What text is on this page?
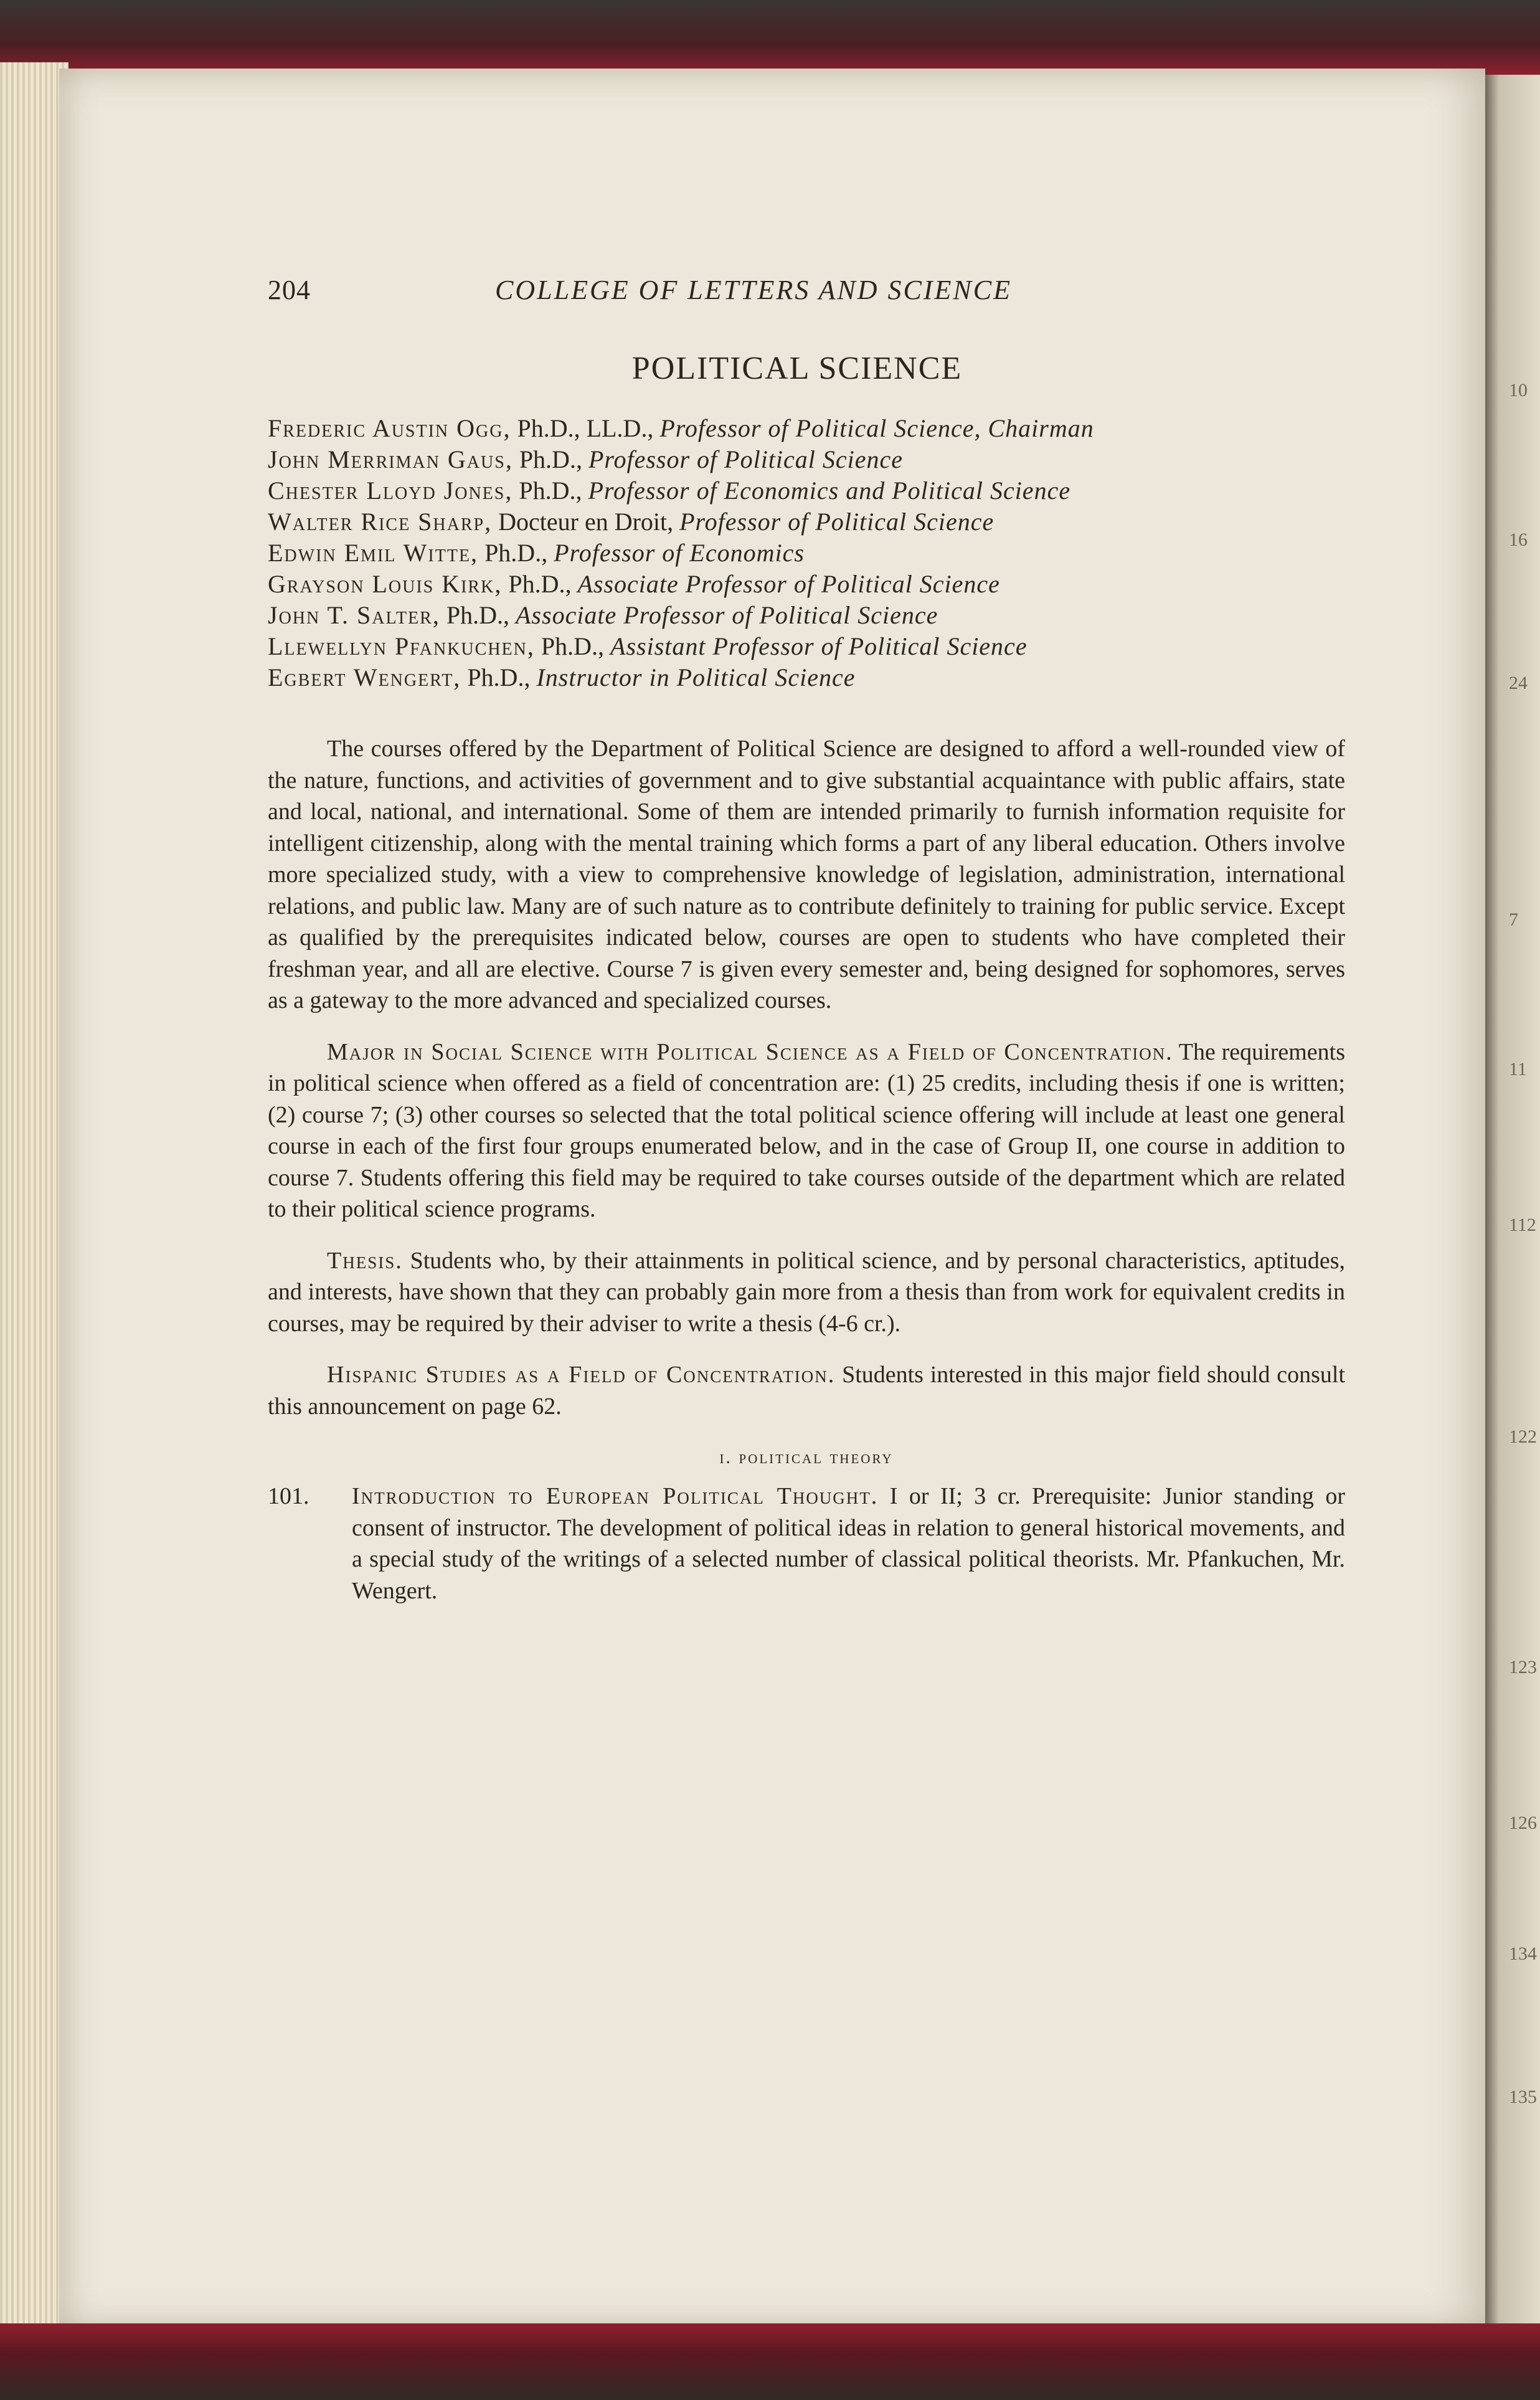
10
16
24
7
11
112
122
123
126
134
135
204	COLLEGE OF LETTERS AND SCIENCE
POLITICAL SCIENCE
Frederic Austin Ogg, Ph.D., LL.D., Professor of Political Science, Chairman
John Merriman Gaus, Ph.D., Professor of Political Science
Chester Lloyd Jones, Ph.D., Professor of Economics and Political Science
Walter Rice Sharp, Docteur en Droit, Professor of Political Science
Edwin Emil Witte, Ph.D., Professor of Economics
Grayson Louis Kirk, Ph.D., Associate Professor of Political Science
John T. Salter, Ph.D., Associate Professor of Political Science
Llewellyn Pfankuchen, Ph.D., Assistant Professor of Political Science
Egbert Wengert, Ph.D., Instructor in Political Science

The courses offered by the Department of Political Science are designed to afford a well-rounded view of the nature, functions, and activities of government and to give substantial acquaintance with public affairs, state and local, national, and international. Some of them are intended primarily to furnish information requisite for intelligent citizenship, along with the mental training which forms a part of any liberal education. Others involve more specialized study, with a view to comprehensive knowledge of legislation, administration, international relations, and public law. Many are of such nature as to contribute definitely to training for public service. Except as qualified by the prerequisites indicated below, courses are open to students who have completed their freshman year, and all are elective. Course 7 is given every semester and, being designed for sophomores, serves as a gateway to the more advanced and specialized courses.

Major in Social Science with Political Science as a Field of Concentration. The requirements in political science when offered as a field of concentration are: (1) 25 credits, including thesis if one is written; (2) course 7; (3) other courses so selected that the total political science offering will include at least one general course in each of the first four groups enumerated below, and in the case of Group II, one course in addition to course 7. Students offering this field may be required to take courses outside of the department which are related to their political science programs.

Thesis. Students who, by their attainments in political science, and by personal characteristics, aptitudes, and interests, have shown that they can probably gain more from a thesis than from work for equivalent credits in courses, may be required by their adviser to write a thesis (4-6 cr.).

Hispanic Studies as a Field of Concentration. Students interested in this major field should consult this announcement on page 62.

i. political theory
101.	Introduction to European Political Thought. I or II; 3 cr. Prerequisite: Junior standing or consent of instructor. The development of political ideas in relation to general historical movements, and a special study of the writings of a selected number of classical political theorists. Mr. Pfankuchen, Mr. Wengert.
